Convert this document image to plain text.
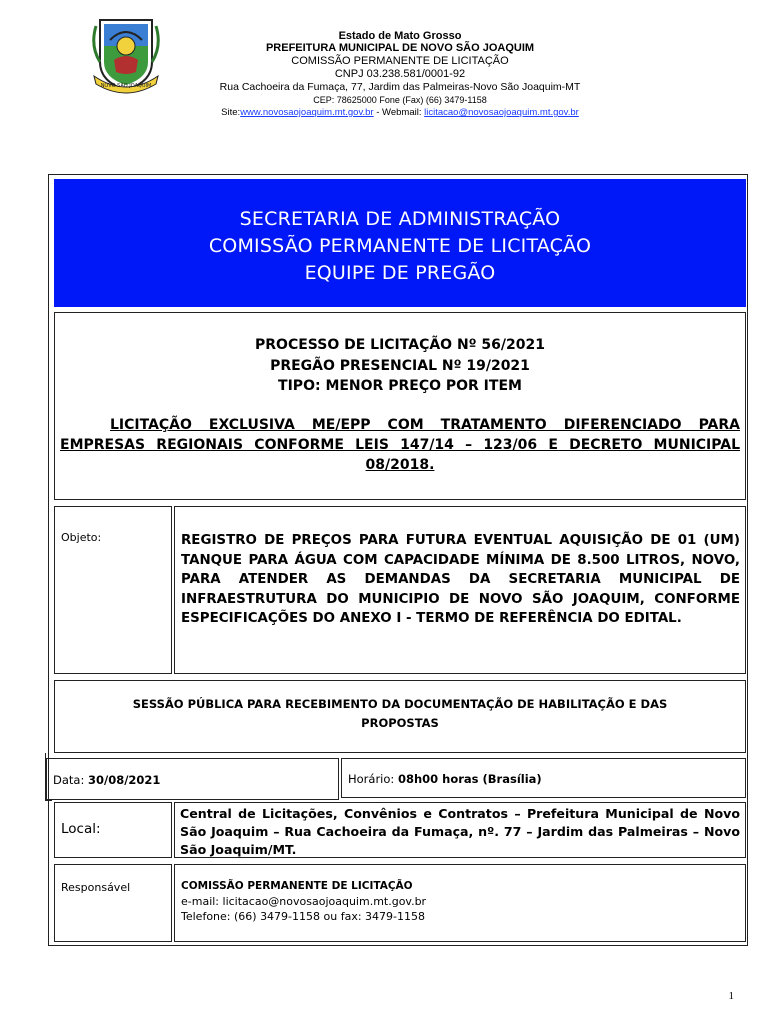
NOVO SÃO JOAQUIM
Estado de Mato Grosso
PREFEITURA MUNICIPAL DE NOVO SÃO JOAQUIM
COMISSÃO PERMANENTE DE LICITAÇÃO
CNPJ 03.238.581/0001-92
Rua Cachoeira da Fumaça, 77, Jardim das Palmeiras-Novo São Joaquim-MT
CEP: 78625000 Fone (Fax) (66) 3479-1158
Site:www.novosaojoaquim.mt.gov.br - Webmail: licitacao@novosaojoaquim.mt.gov.br
SECRETARIA DE ADMINISTRAÇÃO
COMISSÃO PERMANENTE DE LICITAÇÃO
EQUIPE DE PREGÃO
PROCESSO DE LICITAÇÃO Nº 56/2021
PREGÃO PRESENCIAL Nº 19/2021
TIPO: MENOR PREÇO POR ITEM
LICITAÇÃO EXCLUSIVA ME/EPP COM TRATAMENTO DIFERENCIADO PARA EMPRESAS REGIONAIS CONFORME LEIS 147/14 – 123/06 E DECRETO MUNICIPAL 08/2018.
Objeto:	REGISTRO DE PREÇOS PARA FUTURA EVENTUAL AQUISIÇÃO DE 01 (UM) TANQUE PARA ÁGUA COM CAPACIDADE MÍNIMA DE 8.500 LITROS, NOVO, PARA ATENDER AS DEMANDAS DA SECRETARIA MUNICIPAL DE INFRAESTRUTURA DO MUNICIPIO DE NOVO SÃO JOAQUIM, CONFORME ESPECIFICAÇÕES DO ANEXO I - TERMO DE REFERÊNCIA DO EDITAL.
SESSÃO PÚBLICA PARA RECEBIMENTO DA DOCUMENTAÇÃO DE HABILITAÇÃO E DAS PROPOSTAS
Data: 30/08/2021	Horário: 08h00 horas (Brasília)
Local:
Central de Licitações, Convênios e Contratos – Prefeitura Municipal de Novo São Joaquim – Rua Cachoeira da Fumaça, nº. 77 – Jardim das Palmeiras – Novo São Joaquim/MT.
Responsável	COMISSÃO PERMANENTE DE LICITAÇÃO
e-mail: licitacao@novosaojoaquim.mt.gov.br
Telefone: (66) 3479-1158 ou fax: 3479-1158
1
